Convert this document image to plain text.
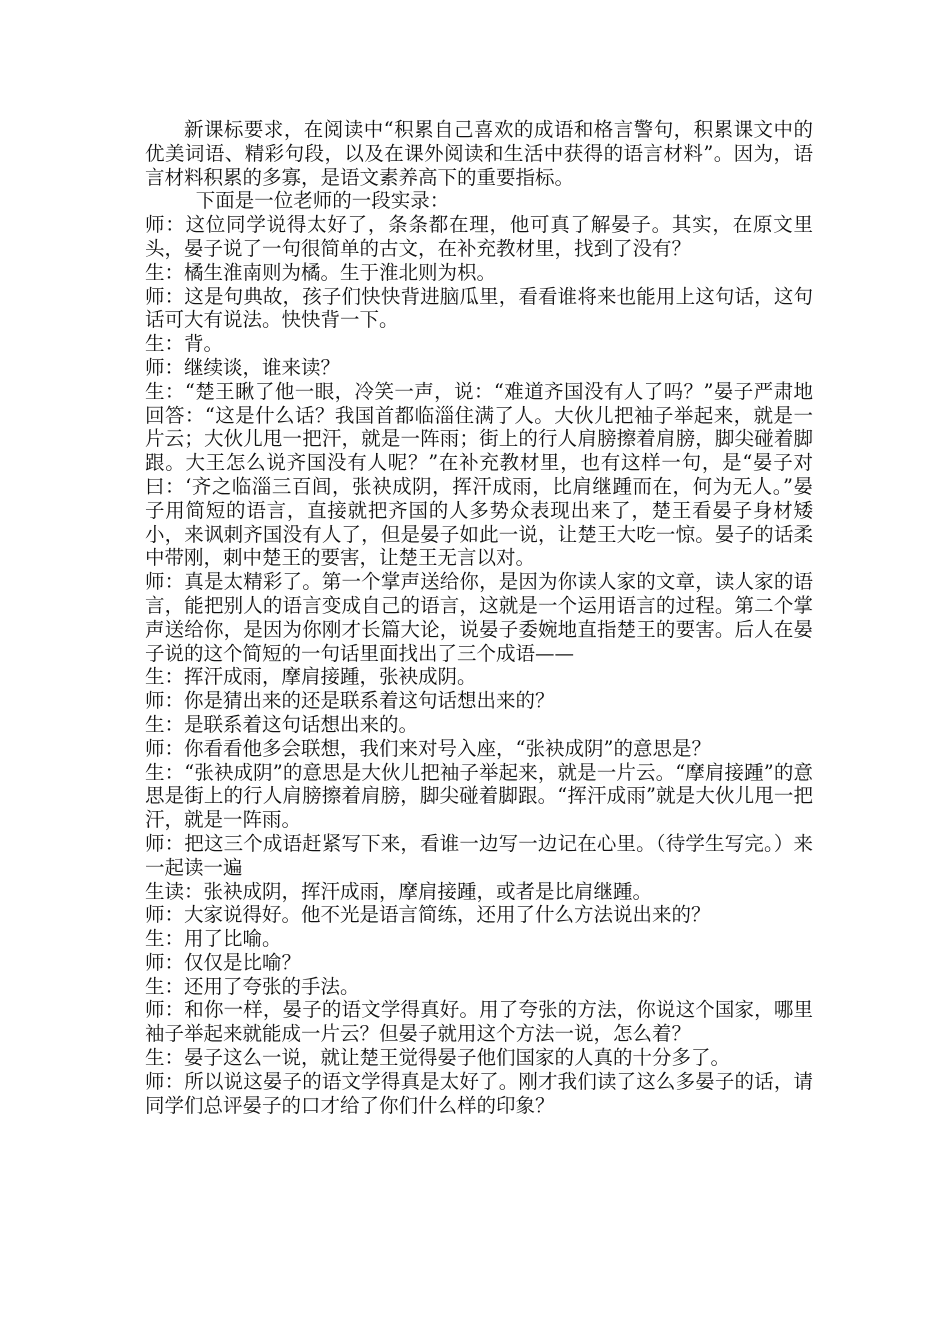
新课标要求，在阅读中“积累自己喜欢的成语和格言警句，积累课文中的优美词语、精彩句段，以及在课外阅读和生活中获得的语言材料”。因为，语言材料积累的多寡，是语文素养高下的重要指标。

下面是一位老师的一段实录：

师：这位同学说得太好了，条条都在理，他可真了解晏子。其实，在原文里头，晏子说了一句很简单的古文，在补充教材里，找到了没有？

生：橘生淮南则为橘。生于淮北则为枳。

师：这是句典故，孩子们快快背进脑瓜里，看看谁将来也能用上这句话，这句话可大有说法。快快背一下。

生：背。

师：继续谈，谁来读？

生：“楚王瞅了他一眼，冷笑一声，说：“难道齐国没有人了吗？”晏子严肃地回答：“这是什么话？我国首都临淄住满了人。大伙儿把袖子举起来，就是一片云；大伙儿甩一把汗，就是一阵雨；街上的行人肩膀擦着肩膀，脚尖碰着脚跟。大王怎么说齐国没有人呢？”在补充教材里，也有这样一句，是“晏子对曰：‘齐之临淄三百闾，张袂成阴，挥汗成雨，比肩继踵而在，何为无人。”晏子用简短的语言，直接就把齐国的人多势众表现出来了，楚王看晏子身材矮小，来讽刺齐国没有人了，但是晏子如此一说，让楚王大吃一惊。晏子的话柔中带刚，刺中楚王的要害，让楚王无言以对。

师：真是太精彩了。第一个掌声送给你，是因为你读人家的文章，读人家的语言，能把别人的语言变成自己的语言，这就是一个运用语言的过程。第二个掌声送给你，是因为你刚才长篇大论，说晏子委婉地直指楚王的要害。后人在晏子说的这个简短的一句话里面找出了三个成语——

生：挥汗成雨，摩肩接踵，张袂成阴。

师：你是猜出来的还是联系着这句话想出来的？

生：是联系着这句话想出来的。

师：你看看他多会联想，我们来对号入座，“张袂成阴”的意思是？

生：“张袂成阴”的意思是大伙儿把袖子举起来，就是一片云。“摩肩接踵”的意思是街上的行人肩膀擦着肩膀，脚尖碰着脚跟。“挥汗成雨”就是大伙儿甩一把汗，就是一阵雨。

师：把这三个成语赶紧写下来，看谁一边写一边记在心里。（待学生写完。）来一起读一遍

生读：张袂成阴，挥汗成雨，摩肩接踵，或者是比肩继踵。

师：大家说得好。他不光是语言简练，还用了什么方法说出来的？

生：用了比喻。

师：仅仅是比喻？

生：还用了夸张的手法。

师：和你一样，晏子的语文学得真好。用了夸张的方法，你说这个国家，哪里袖子举起来就能成一片云？但晏子就用这个方法一说，怎么着？

生：晏子这么一说，就让楚王觉得晏子他们国家的人真的十分多了。

师：所以说这晏子的语文学得真是太好了。刚才我们读了这么多晏子的话，请同学们总评晏子的口才给了你们什么样的印象？
